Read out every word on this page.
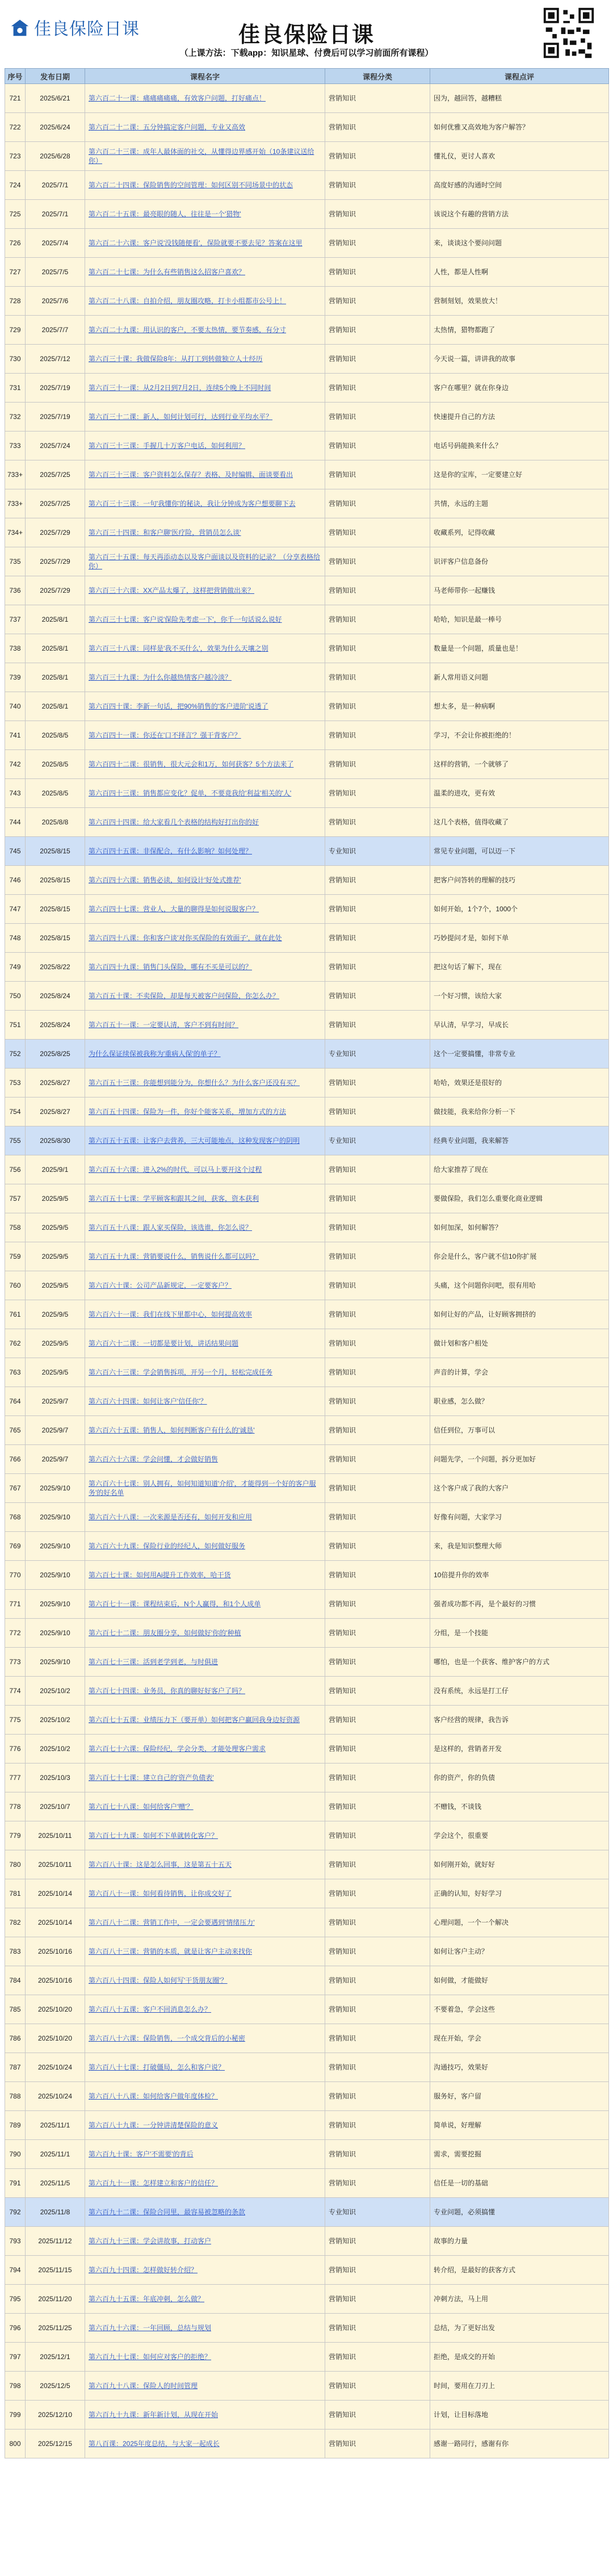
佳良保险日课	佳良保险日课
（上课方法：下载app：知识星球、付费后可以学习前面所有课程）
序号	发布日期	课程名字	课程分类	课程点评
721	2025/6/21	第六百二十一课：痛痛痛痛痛，有效客户问题，打好痛点！	营销知识	因为，越回答，越糟糕
722	2025/6/24	第六百二十二课：五分钟搞定客户问题，专业又高效	营销知识	如何优雅又高效地为客户解答？
723	2025/6/28	第六百二十三课：成年人最体面的社交，从懂得边界感开始（10条建议送给你）	营销知识	懂礼仪，更讨人喜欢
724	2025/7/1	第六百二十四课：保险销售的空间管理：如何区别不同场景中的状态	营销知识	高度好感的沟通时空间
725	2025/7/1	第六百二十五课：最亮眼的随人，往往是一个'猎物'	营销知识	该说这个有趣的营销方法
726	2025/7/4	第六百二十六课：客户说'没钱随便看'，保险就要不要去见？答案在这里	营销知识	来，谈谈这个要问问题
727	2025/7/5	第六百二十七课：为什么有些销售这么招客户喜欢？	营销知识	人性，都是人性啊
728	2025/7/6	第六百二十八课：自拍介绍，朋友圈攻略，打卡小组都市公号上！	营销知识	营制刻划，效果放大！
729	2025/7/7	第六百二十九课：用认识的客户，不要太热情，要节奏感，有分寸	营销知识	太热情，猎物都跑了
730	2025/7/12	第六百三十课：我做保险8年：从打工到转做独立人士经历	营销知识	今天说一篇，讲讲我的故事
731	2025/7/19	第六百三十一课：从2月2日到7月2日，连续5个晚上不同时间	营销知识	客户在哪里？就在你身边
732	2025/7/19	第六百三十二课：新人，如何计划可行，达到行业平均水平？	营销知识	快速提升自己的方法
733	2025/7/24	第六百三十三课：手握几十万客户电话，如何利用？	营销知识	电话号码能换来什么？
733+	2025/7/25	第六百三十三课：客户资料怎么保存？表格、及时编辑、面谈要看出	营销知识	这是你的宝库，一定要建立好
733+	2025/7/25	第六百三十三课：一句'我懂你'的秘诀，我让分钟成为客户想要聊下去	营销知识	共情，永远的主题
734+	2025/7/29	第六百三十四课：和客户聊'医疗险，营销员怎么谈'	营销知识	收藏系列，记得收藏
735	2025/7/29	第六百三十五课：每天再添动态以及客户面谈以及资料的记录？（分享表格给你）	营销知识	识评客户信息备份
736	2025/7/29	第六百三十六课：XX产品太爆了，这样把营销做出来？	营销知识	马老师带你一起赚钱
737	2025/8/1	第六百三十七课：客户说'保险先考虑一下'，你千一句话说么说好	营销知识	哈哈，知识是最一棒号
738	2025/8/1	第六百三十八课：同样是'我不买什么'，效果为什么天壤之别	营销知识	数量是一个问题，质量也是！
739	2025/8/1	第六百三十九课：为什么你越热情客户越冷淡？	营销知识	新人常用语义问题
740	2025/8/1	第六百四十课：李新一句话，把90%销售的'客户进阶'说透了	营销知识	想太多，是一种病啊
741	2025/8/5	第六百四十一课：你还在'口不择言'？强干背客户？	营销知识	学习，不会让你被拒绝的！
742	2025/8/5	第六百四十二课：很销售，很大元会和1万，如何获客？5个方法来了	营销知识	这样的营销，一个就够了
743	2025/8/5	第六百四十三课：销售都应变化？促单，不要竟我给'利益'相关的'人'	营销知识	温柔的进攻，更有效
744	2025/8/8	第六百四十四课：给大家看几个表格的结构好打出你的好	营销知识	这几个表格，值得收藏了
745	2025/8/15	第六百四十五课：非保配合，有什么影响？如何处理？	专业知识	常见专业问题，可以迈一下
746	2025/8/15	第六百四十六课：销售必读，如何设计'好处式推荐'	营销知识	把客户问答转的理解的技巧
747	2025/8/15	第六百四十七课：营业人，大量的聊得是如何说服客户？	营销知识	如何开始，1个7个，1000个
748	2025/8/15	第六百四十八课：你和客户谈'对你买保险的有效面子'，就在此处	营销知识	巧妙提问才是，如何下单
749	2025/8/22	第六百四十九课：销售门头保险，哪有不买是可以的？	营销知识	把这句话了解下，现在
750	2025/8/24	第六百五十课：不卖保险，却是每天被客户问保险，你怎么办？	营销知识	一个好习惯，该给大家
751	2025/8/24	第六百五十一课：一定要认清，客户不到有时间？	营销知识	早认清，早学习，早成长
752	2025/8/25	为什么保证续保被我称为'重病人保'的单子？	专业知识	这个一定要搞懂，非常专业
753	2025/8/27	第六百五十三课：你能想到能分为，你想什么？为什么客户还没有买？	营销知识	哈哈，效果还是很好的
754	2025/8/27	第六百五十四课：保险为一件，你好个能客关系，增加方式的方法	营销知识	做技能，我来给你分析一下
755	2025/8/30	第六百五十五课：让客户去营养，三大可能地点，这种发现客户的阴明	专业知识	经典专业问题，我来解答
756	2025/9/1	第六百五十六课：进入2%的时代，可以马上要开这个过程	营销知识	给大家推荐了现在
757	2025/9/5	第六百五十七课：学平顾客和跟其之间，获客，资本获利	营销知识	要做保险，我们怎么重要化商业逻辑
758	2025/9/5	第六百五十八课：跟人家买保险，该选谁，你怎么说？	营销知识	如何加深，如何解答？
759	2025/9/5	第六百五十九课：营销要说什么，销售说什么都可以吗？	营销知识	你会是什么，客户就不信10你扩展
760	2025/9/5	第六百六十课：公司产品新规定，一定要客户？	营销知识	头痛，这个问题你问吧，很有用哈
761	2025/9/5	第六百六十一课：我们在线下里都中心，如何提高效率	营销知识	如何让好的产品，让好顾客拥挤的
762	2025/9/5	第六百六十二课：一切都是要计划，讲话结果问题	营销知识	做计划和客户相处
763	2025/9/5	第六百六十三课：学会销售拆项，开另一个月，轻松完成任务	营销知识	声音的计算，学会
764	2025/9/7	第六百六十四课：如何让客户'信任你'？	营销知识	职业感，怎么做？
765	2025/9/7	第六百六十五课：销售人，如何判断客户有什么的'诚恳'	营销知识	信任到位，万事可以
766	2025/9/7	第六百六十六课：学会问懂，才会做好销售	营销知识	问题先学，一个问题，拆分更加好
767	2025/9/10	第六百六十七课：别人拥有，如何知道知道'介绍'，才能得到一个好的客户服务'的好名单	营销知识	这个客户成了我的大客户
768	2025/9/10	第六百六十八课：一次来源是否还有，如何开发和应用	营销知识	好像有问题，大家学习
769	2025/9/10	第六百六十九课：保险行业的经纪人，如何做好服务	营销知识	来，我是知识整理大师
770	2025/9/10	第六百七十课：如何用Ai提升工作效率，哈干货	营销知识	10倍提升你的效率
771	2025/9/10	第六百七十一课：课程结束后，N个人赢得，和1个人成单	营销知识	强者成功都不再，是个最好的习惯
772	2025/9/10	第六百七十二课：朋友圈分享，如何做好'你的'种植	营销知识	分组，是一个技能
773	2025/9/10	第六百七十三课：活到老学到老，与时俱进	营销知识	哪怕，也是一个获客、维护客户的方式
774	2025/10/2	第六百七十四课：业务员，你真的聊好好客户了吗？	营销知识	没有系统，永远是打工仔
775	2025/10/2	第六百七十五课：业绩压力下（要开单）如何把客户赢回我身边好资源	营销知识	客户经营的规律，我告诉
776	2025/10/2	第六百七十六课：保险经纪，学会分类，才能处理客户需求	营销知识	是这样的，营销者开发
777	2025/10/3	第六百七十七课：建立自己的'资产负债表'	营销知识	你的资产，你的负债
778	2025/10/7	第六百七十八课：如何给客户'赠'？	营销知识	不赠钱，不谈钱
779	2025/10/11	第六百七十九课：如何不下单就转化客户？	营销知识	学会这个，很重要
780	2025/10/11	第六百八十课：这是怎么回事，这是第五十五天	营销知识	如何刚开始，就好好
781	2025/10/14	第六百八十一课：如何看待销售，让你成交好了	营销知识	正确的认知，好好学习
782	2025/10/14	第六百八十二课：营销工作中，一定会要遇到'情绪压力'	营销知识	心理问题，一个一个解决
783	2025/10/16	第六百八十三课：营销的本质，就是让客户主动来找你	营销知识	如何让客户主动？
784	2025/10/16	第六百八十四课：保险人如何写'干货朋友圈'？	营销知识	如何做，才能做好
785	2025/10/20	第六百八十五课：客户不回消息怎么办？	营销知识	不要着急，学会这些
786	2025/10/20	第六百八十六课：保险销售，一个成交背后的小秘密	营销知识	现在开始，学会
787	2025/10/24	第六百八十七课：打破僵局，怎么和客户说？	营销知识	沟通技巧，效果好
788	2025/10/24	第六百八十八课：如何给客户做年度体检？	营销知识	服务好，客户留
789	2025/11/1	第六百八十九课：一分钟讲清楚保险的意义	营销知识	简单说，好理解
790	2025/11/1	第六百九十课：客户'不需要'的背后	营销知识	需求，需要挖掘
791	2025/11/5	第六百九十一课：怎样建立和客户的信任？	营销知识	信任是一切的基础
792	2025/11/8	第六百九十二课：保险合同里，最容易被忽略的条款	专业知识	专业问题，必须搞懂
793	2025/11/12	第六百九十三课：学会讲故事，打动客户	营销知识	故事的力量
794	2025/11/15	第六百九十四课：怎样做好转介绍？	营销知识	转介绍，是最好的获客方式
795	2025/11/20	第六百九十五课：年底冲刺，怎么做？	营销知识	冲刺方法，马上用
796	2025/11/25	第六百九十六课：一年回顾，总结与规划	营销知识	总结，为了更好出发
797	2025/12/1	第六百九十七课：如何应对客户的拒绝？	营销知识	拒绝，是成交的开始
798	2025/12/5	第六百九十八课：保险人的时间管理	营销知识	时间，要用在刀刃上
799	2025/12/10	第六百九十九课：新年新计划，从现在开始	营销知识	计划，让目标落地
800	2025/12/15	第八百课：2025年度总结，与大家一起成长	营销知识	感谢一路同行，感谢有你
